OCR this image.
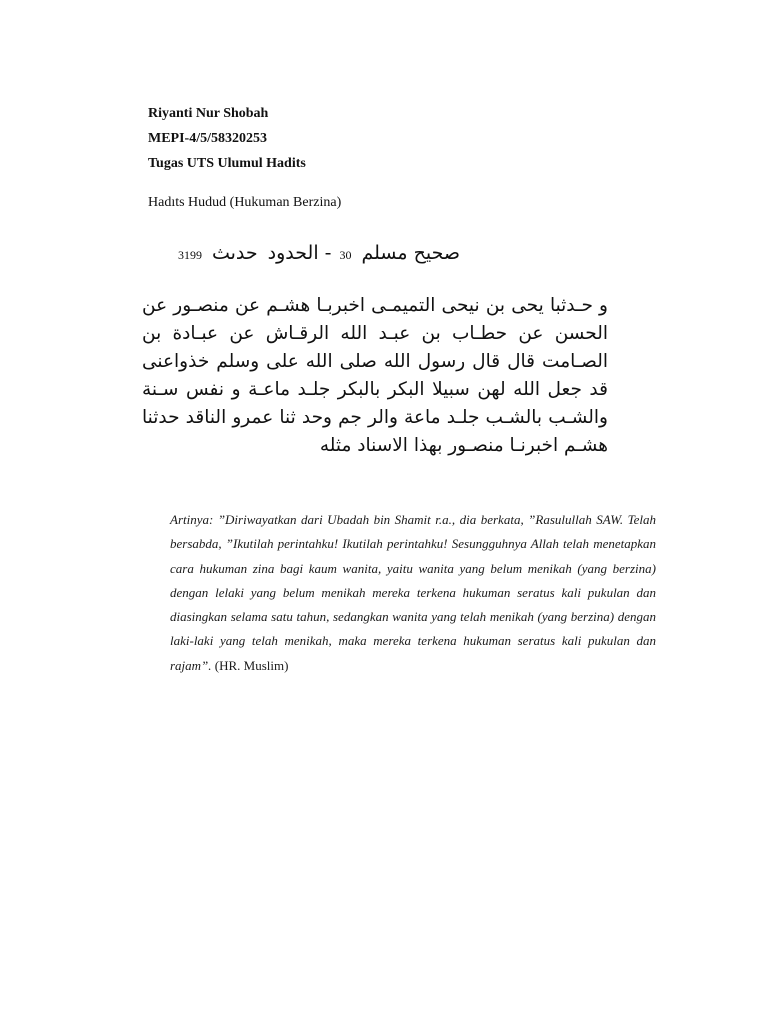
Riyanti Nur Shobah

MEPI-4/5/58320253

Tugas UTS Ulumul Hadits

Hadıts Hudud (Hukuman Berzina)
صحيح مسلم30- الحدودحدىث3199
و حـدثبا يحى بن نيحى التميمـى اخبربـا هشـم عن منصـور عن الحسن عن حطـاب بن عبـد الله الرقـاش عن عبـادة بن الصـامت قال قال رسول الله صلى الله على وسلم خذواعنى قد جعل الله لهن سبيلا البكر بالبكر جلـد ماعـة و نفس سـنة والشـب بالشـب جلـد ماعة والر جم وحد ثنا عمرو الناقد حدثنا هشـم اخبرنـا منصـور بهذا الاسناد مثله
Artinya: ”Diriwayatkan dari Ubadah bin Shamit r.a., dia berkata, ”Rasulullah SAW. Telah bersabda, ”Ikutilah perintahku! Ikutilah perintahku! Sesungguhnya Allah telah menetapkan cara hukuman zina bagi kaum wanita, yaitu wanita yang belum menikah (yang berzina) dengan lelaki yang belum menikah mereka terkena hukuman seratus kali pukulan dan diasingkan selama satu tahun, sedangkan wanita yang telah menikah (yang berzina) dengan laki-laki yang telah menikah, maka mereka terkena hukuman seratus kali pukulan dan rajam”. (HR. Muslim)
